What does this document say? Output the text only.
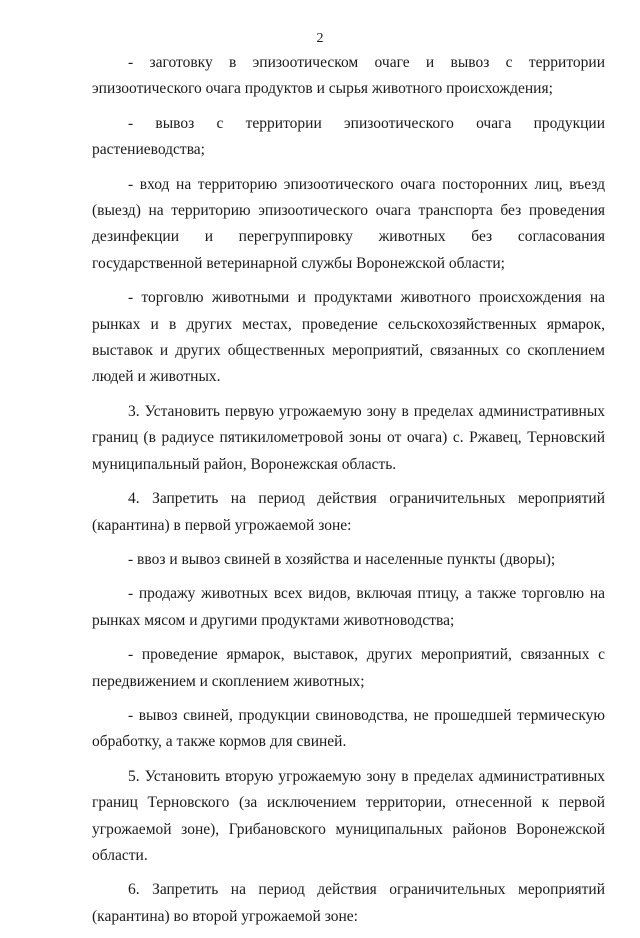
2

- заготовку в эпизоотическом очаге и вывоз с территории эпизоотического очага продуктов и сырья животного происхождения;

- вывоз с территории эпизоотического очага продукции растениеводства;

- вход на территорию эпизоотического очага посторонних лиц, въезд (выезд) на территорию эпизоотического очага транспорта без проведения дезинфекции и перегруппировку животных без согласования государственной ветеринарной службы Воронежской области;

- торговлю животными и продуктами животного происхождения на рынках и в других местах, проведение сельскохозяйственных ярмарок, выставок и других общественных мероприятий, связанных со скоплением людей и животных.

3. Установить первую угрожаемую зону в пределах административных границ (в радиусе пятикилометровой зоны от очага) с. Ржавец, Терновский муниципальный район, Воронежская область.

4. Запретить на период действия ограничительных мероприятий (карантина) в первой угрожаемой зоне:

- ввоз и вывоз свиней в хозяйства и населенные пункты (дворы);

- продажу животных всех видов, включая птицу, а также торговлю на рынках мясом и другими продуктами животноводства;

- проведение ярмарок, выставок, других мероприятий, связанных с передвижением и скоплением животных;

- вывоз свиней, продукции свиноводства, не прошедшей термическую обработку, а также кормов для свиней.

5. Установить вторую угрожаемую зону в пределах административных границ Терновского (за исключением территории, отнесенной к первой угрожаемой зоне), Грибановского муниципальных районов Воронежской области.

6. Запретить на период действия ограничительных мероприятий (карантина) во второй угрожаемой зоне:
